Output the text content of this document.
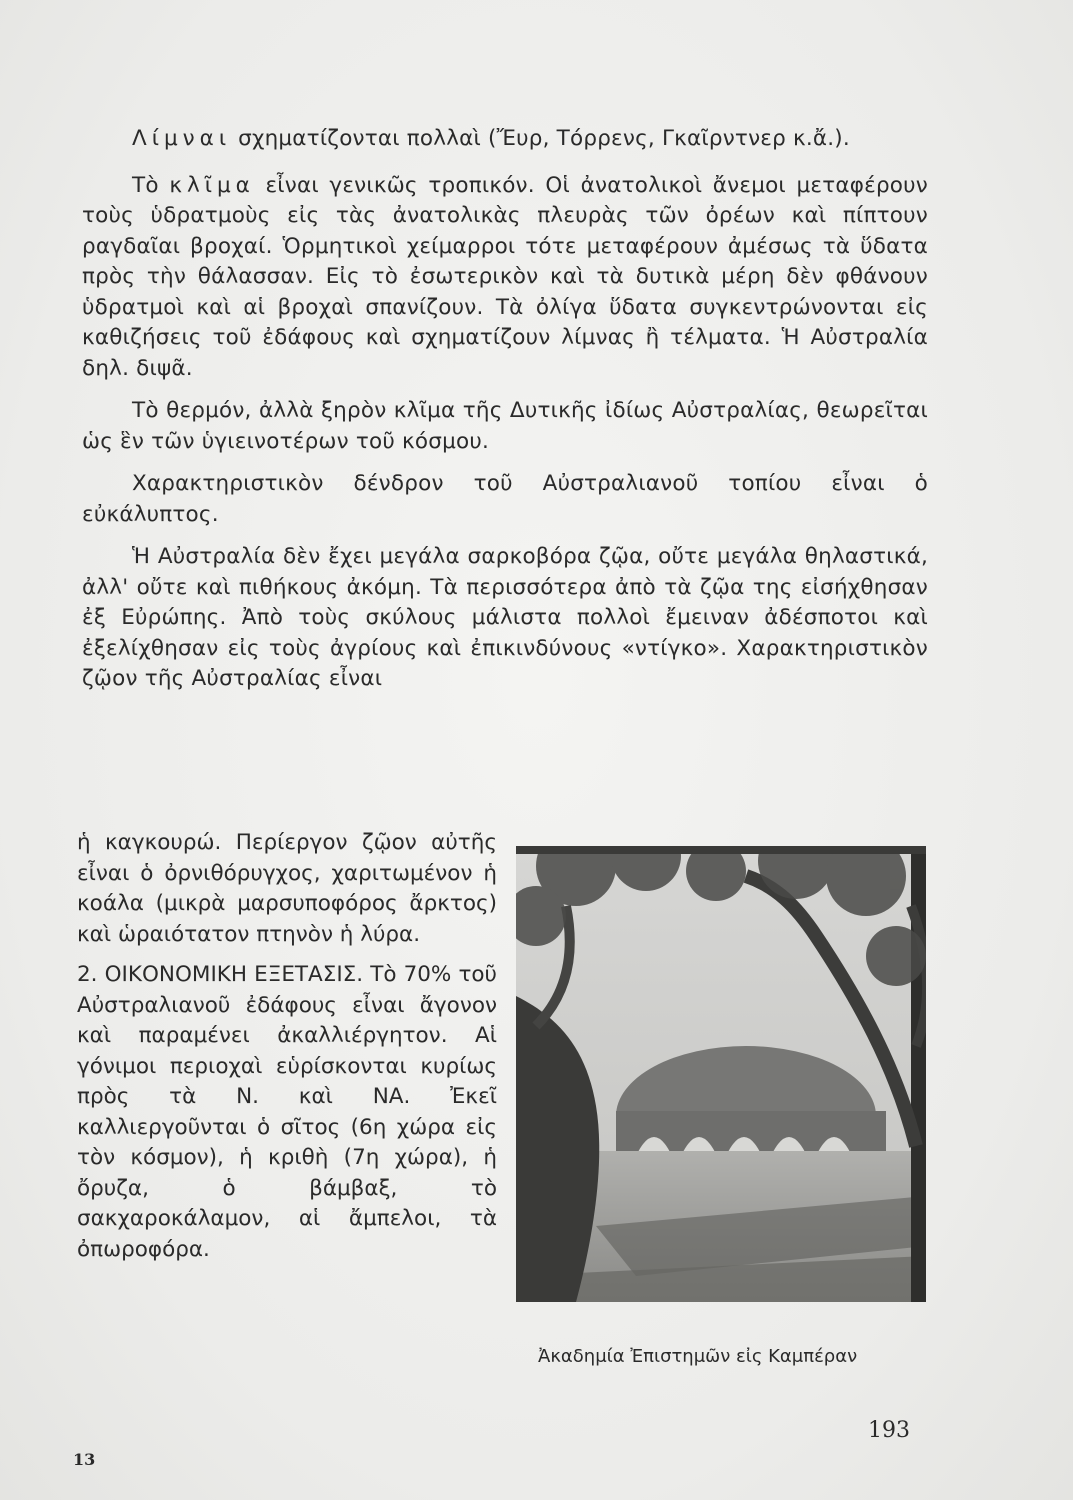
Λίμναι σχηματίζονται πολλαὶ (Ἔυρ, Τόρρενς, Γκαῖρντνερ κ.ἄ.).

Τὸ κλῖμα εἶναι γενικῶς τροπικόν. Οἱ ἀνατολικοὶ ἄνεμοι μεταφέρουν τοὺς ὑδρατμοὺς εἰς τὰς ἀνατολικὰς πλευρὰς τῶν ὀρέων καὶ πίπτουν ραγδαῖαι βροχαί. Ὁρμητικοὶ χείμαρροι τότε μεταφέρουν ἀμέσως τὰ ὕδατα πρὸς τὴν θάλασσαν. Εἰς τὸ ἐσωτερικὸν καὶ τὰ δυτικὰ μέρη δὲν φθάνουν ὑδρατμοὶ καὶ αἱ βροχαὶ σπανίζουν. Τὰ ὀλίγα ὕδατα συγκεντρώνονται εἰς καθιζήσεις τοῦ ἐδάφους καὶ σχηματίζουν λίμνας ἢ τέλματα. Ἡ Αὐστραλία δηλ. διψᾶ.

Τὸ θερμόν, ἀλλὰ ξηρὸν κλῖμα τῆς Δυτικῆς ἰδίως Αὐστραλίας, θεωρεῖται ὡς ἓν τῶν ὑγιεινοτέρων τοῦ κόσμου.

Χαρακτηριστικὸν δένδρον τοῦ Αὐστραλιανοῦ τοπίου εἶναι ὁ εὐκάλυπτος.

Ἡ Αὐστραλία δὲν ἔχει μεγάλα σαρκοβόρα ζῷα, οὔτε μεγάλα θηλαστικά, ἀλλ' οὔτε καὶ πιθήκους ἀκόμη. Τὰ περισσότερα ἀπὸ τὰ ζῷα της εἰσήχθησαν ἐξ Εὐρώπης. Ἀπὸ τοὺς σκύλους μάλιστα πολλοὶ ἔμειναν ἀδέσποτοι καὶ ἐξελίχθησαν εἰς τοὺς ἀγρίους καὶ ἐπικινδύνους «ντίγκο». Χαρακτηριστικὸν ζῷον τῆς Αὐστραλίας εἶναι

ἡ καγκουρώ. Περίεργον ζῷον αὐτῆς εἶναι ὁ ὀρνιθόρυγχος, χαριτωμένον ἡ κοάλα (μικρὰ μαρσυποφόρος ἄρκτος) καὶ ὡραιότατον πτηνὸν ἡ λύρα.

2. ΟΙΚΟΝΟΜΙΚΗ ΕΞΕΤΑΣΙΣ. Τὸ 70% τοῦ Αὐστραλιανοῦ ἐδάφους εἶναι ἄγονον καὶ παραμένει ἀκαλλιέργητον. Αἱ γόνιμοι περιοχαὶ εὑρίσκονται κυρίως πρὸς τὰ Ν. καὶ ΝΑ. Ἐκεῖ καλλιεργοῦνται ὁ σῖτος (6η χώρα εἰς τὸν κόσμον), ἡ κριθὴ (7η χώρα), ἡ ὄρυζα, ὁ βάμβαξ, τὸ σακχαροκάλαμον, αἱ ἄμπελοι, τὰ ὀπωροφόρα.

Ἀκαδημία Ἐπιστημῶν εἰς Καμπέραν
193
13
